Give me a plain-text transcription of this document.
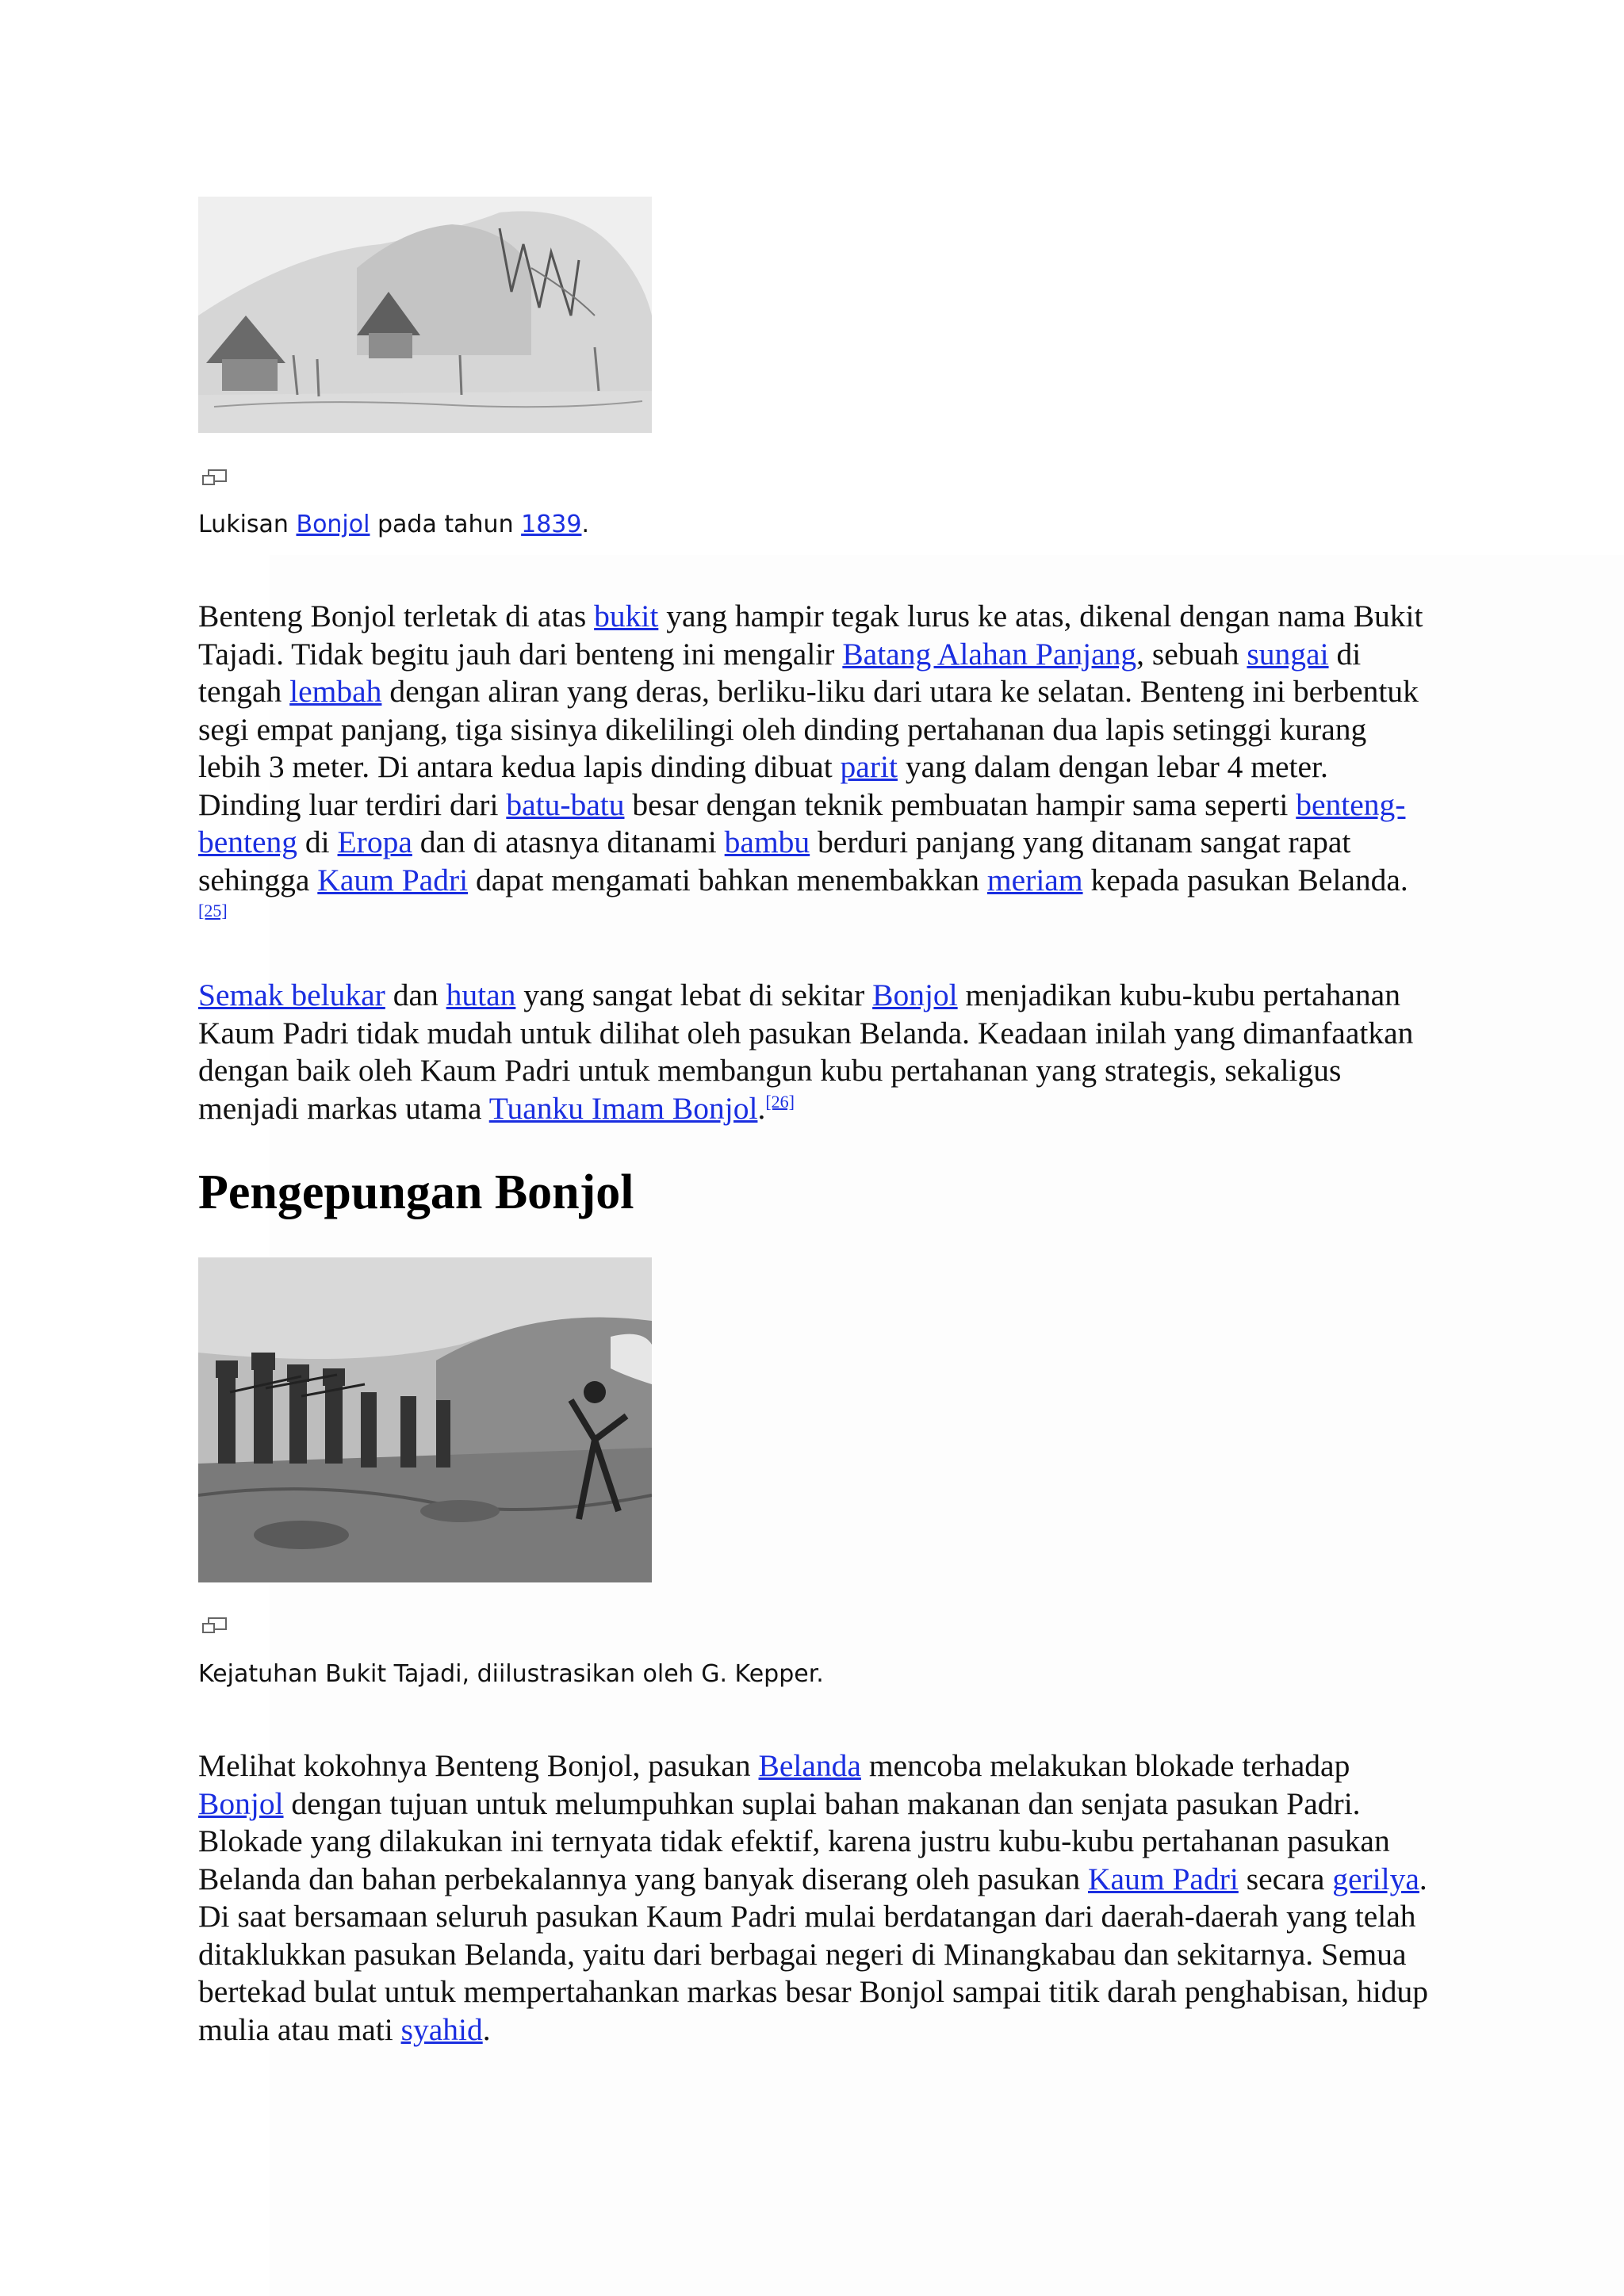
Lukisan Bonjol pada tahun 1839.

Benteng Bonjol terletak di atas bukit yang hampir tegak lurus ke atas, dikenal dengan nama Bukit Tajadi. Tidak begitu jauh dari benteng ini mengalir Batang Alahan Panjang, sebuah sungai di tengah lembah dengan aliran yang deras, berliku-liku dari utara ke selatan. Benteng ini berbentuk segi empat panjang, tiga sisinya dikelilingi oleh dinding pertahanan dua lapis setinggi kurang lebih 3 meter. Di antara kedua lapis dinding dibuat parit yang dalam dengan lebar 4 meter. Dinding luar terdiri dari batu-batu besar dengan teknik pembuatan hampir sama seperti benteng-benteng di Eropa dan di atasnya ditanami bambu berduri panjang yang ditanam sangat rapat sehingga Kaum Padri dapat mengamati bahkan menembakkan meriam kepada pasukan Belanda.[25]

Semak belukar dan hutan yang sangat lebat di sekitar Bonjol menjadikan kubu-kubu pertahanan Kaum Padri tidak mudah untuk dilihat oleh pasukan Belanda. Keadaan inilah yang dimanfaatkan dengan baik oleh Kaum Padri untuk membangun kubu pertahanan yang strategis, sekaligus menjadi markas utama Tuanku Imam Bonjol.[26]

Pengepungan Bonjol
Kejatuhan Bukit Tajadi, diilustrasikan oleh G. Kepper.

Melihat kokohnya Benteng Bonjol, pasukan Belanda mencoba melakukan blokade terhadap Bonjol dengan tujuan untuk melumpuhkan suplai bahan makanan dan senjata pasukan Padri. Blokade yang dilakukan ini ternyata tidak efektif, karena justru kubu-kubu pertahanan pasukan Belanda dan bahan perbekalannya yang banyak diserang oleh pasukan Kaum Padri secara gerilya. Di saat bersamaan seluruh pasukan Kaum Padri mulai berdatangan dari daerah-daerah yang telah ditaklukkan pasukan Belanda, yaitu dari berbagai negeri di Minangkabau dan sekitarnya. Semua bertekad bulat untuk mempertahankan markas besar Bonjol sampai titik darah penghabisan, hidup mulia atau mati syahid.
